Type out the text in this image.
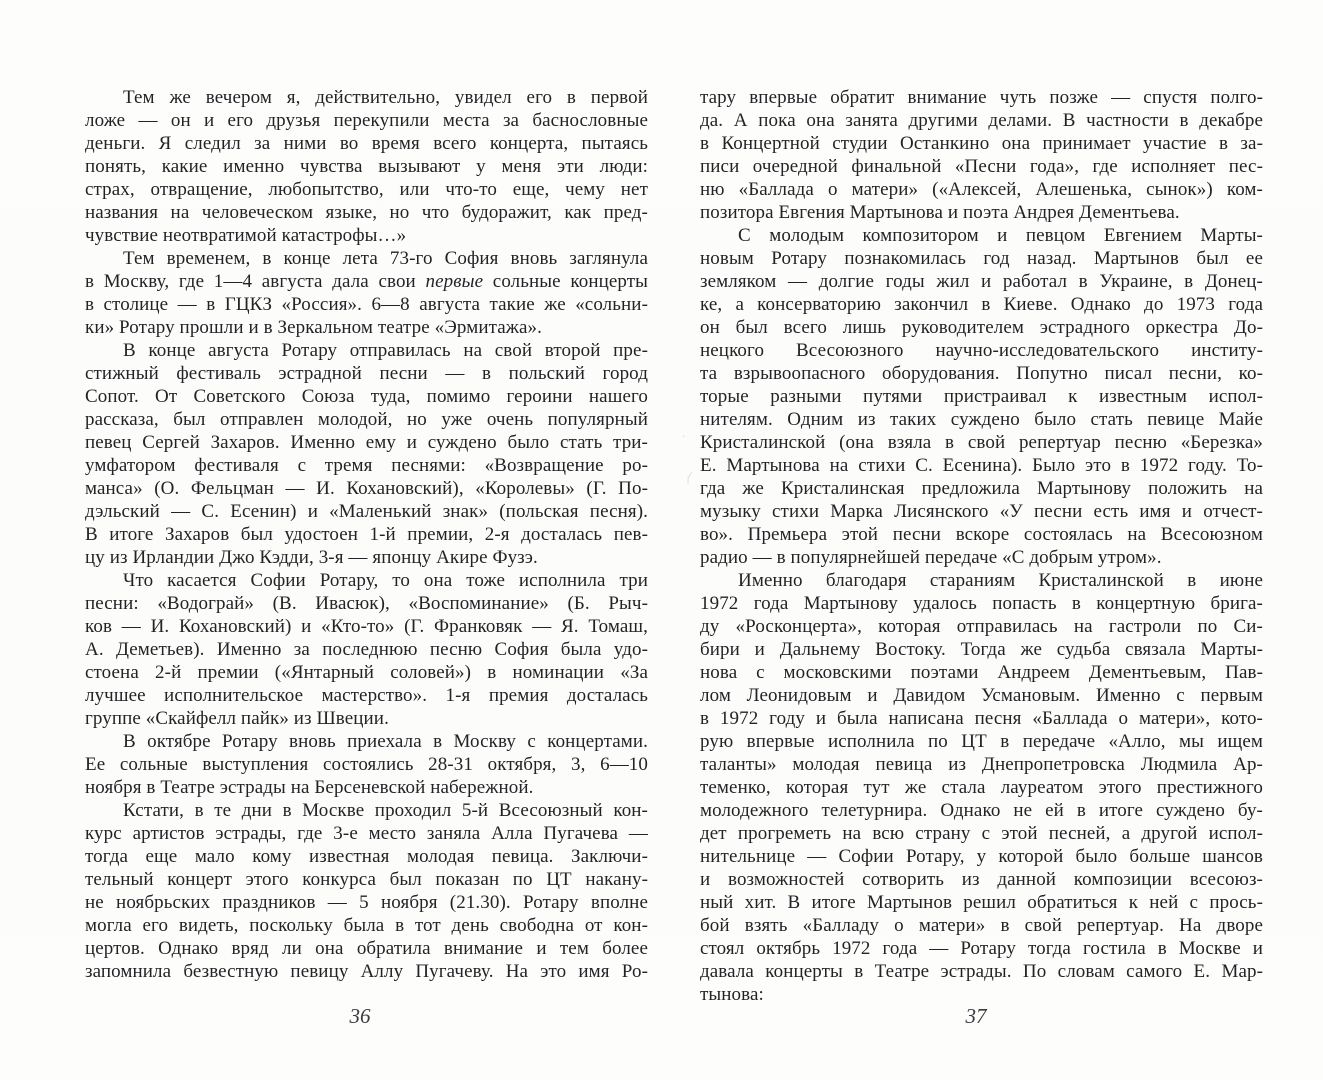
Тем же вечером я, действительно, увидел его в первой
ложе — он и его друзья перекупили места за баснословные
деньги. Я следил за ними во время всего концерта, пытаясь
понять, какие именно чувства вызывают у меня эти люди:
страх, отвращение, любопытство, или что-то еще, чему нет
названия на человеческом языке, но что будоражит, как пред-
чувствие неотвратимой катастрофы…»
Тем временем, в конце лета 73-го София вновь заглянула
в Москву, где 1—4 августа дала свои первые сольные концерты
в столице — в ГЦКЗ «Россия». 6—8 августа такие же «сольни-
ки» Ротару прошли и в Зеркальном театре «Эрмитажа».
В конце августа Ротару отправилась на свой второй пре-
стижный фестиваль эстрадной песни — в польский город
Сопот. От Советского Союза туда, помимо героини нашего
рассказа, был отправлен молодой, но уже очень популярный
певец Сергей Захаров. Именно ему и суждено было стать три-
умфатором фестиваля с тремя песнями: «Возвращение ро-
манса» (О. Фельцман — И. Кохановский), «Королевы» (Г. По-
дэльский — С. Есенин) и «Маленький знак» (польская песня).
В итоге Захаров был удостоен 1-й премии, 2-я досталась пев-
цу из Ирландии Джо Кэдди, 3-я — японцу Акире Фузэ.
Что касается Софии Ротару, то она тоже исполнила три
песни: «Водограй» (В. Ивасюк), «Воспоминание» (Б. Рыч-
ков — И. Кохановский) и «Кто-то» (Г. Франковяк — Я. Томаш,
А. Деметьев). Именно за последнюю песню София была удо-
стоена 2-й премии («Янтарный соловей») в номинации «За
лучшее исполнительское мастерство». 1-я премия досталась
группе «Скайфелл пайк» из Швеции.
В октябре Ротару вновь приехала в Москву с концертами.
Ее сольные выступления состоялись 28-31 октября, 3, 6—10
ноября в Театре эстрады на Берсеневской набережной.
Кстати, в те дни в Москве проходил 5-й Всесоюзный кон-
курс артистов эстрады, где 3-е место заняла Алла Пугачева —
тогда еще мало кому известная молодая певица. Заключи-
тельный концерт этого конкурса был показан по ЦТ накану-
не ноябрьских праздников — 5 ноября (21.30). Ротару вполне
могла его видеть, поскольку была в тот день свободна от кон-
цертов. Однако вряд ли она обратила внимание и тем более
запомнила безвестную певицу Аллу Пугачеву. На это имя Ро-
тару впервые обратит внимание чуть позже — спустя полго-
да. А пока она занята другими делами. В частности в декабре
в Концертной студии Останкино она принимает участие в за-
писи очередной финальной «Песни года», где исполняет пес-
ню «Баллада о матери» («Алексей, Алешенька, сынок») ком-
позитора Евгения Мартынова и поэта Андрея Дементьева.
С молодым композитором и певцом Евгением Марты-
новым Ротару познакомилась год назад. Мартынов был ее
земляком — долгие годы жил и работал в Украине, в Донец-
ке, а консерваторию закончил в Киеве. Однако до 1973 года
он был всего лишь руководителем эстрадного оркестра До-
нецкого Всесоюзного научно-исследовательского институ-
та взрывоопасного оборудования. Попутно писал песни, ко-
торые разными путями пристраивал к известным испол-
нителям. Одним из таких суждено было стать певице Майе
Кристалинской (она взяла в свой репертуар песню «Березка»
Е. Мартынова на стихи С. Есенина). Было это в 1972 году. То-
гда же Кристалинская предложила Мартынову положить на
музыку стихи Марка Лисянского «У песни есть имя и отчест-
во». Премьера этой песни вскоре состоялась на Всесоюзном
радио — в популярнейшей передаче «С добрым утром».
Именно благодаря стараниям Кристалинской в июне
1972 года Мартынову удалось попасть в концертную брига-
ду «Росконцерта», которая отправилась на гастроли по Си-
бири и Дальнему Востоку. Тогда же судьба связала Марты-
нова с московскими поэтами Андреем Дементьевым, Пав-
лом Леонидовым и Давидом Усмановым. Именно с первым
в 1972 году и была написана песня «Баллада о матери», кото-
рую впервые исполнила по ЦТ в передаче «Алло, мы ищем
таланты» молодая певица из Днепропетровска Людмила Ар-
теменко, которая тут же стала лауреатом этого престижного
молодежного телетурнира. Однако не ей в итоге суждено бу-
дет прогреметь на всю страну с этой песней, а другой испол-
нительнице — Софии Ротару, у которой было больше шансов
и возможностей сотворить из данной композиции всесоюз-
ный хит. В итоге Мартынов решил обратиться к ней с прось-
бой взять «Балладу о матери» в свой репертуар. На дворе
стоял октябрь 1972 года — Ротару тогда гостила в Москве и
давала концерты в Театре эстрады. По словам самого Е. Мар-
тынова:
36	37
⟨
·
